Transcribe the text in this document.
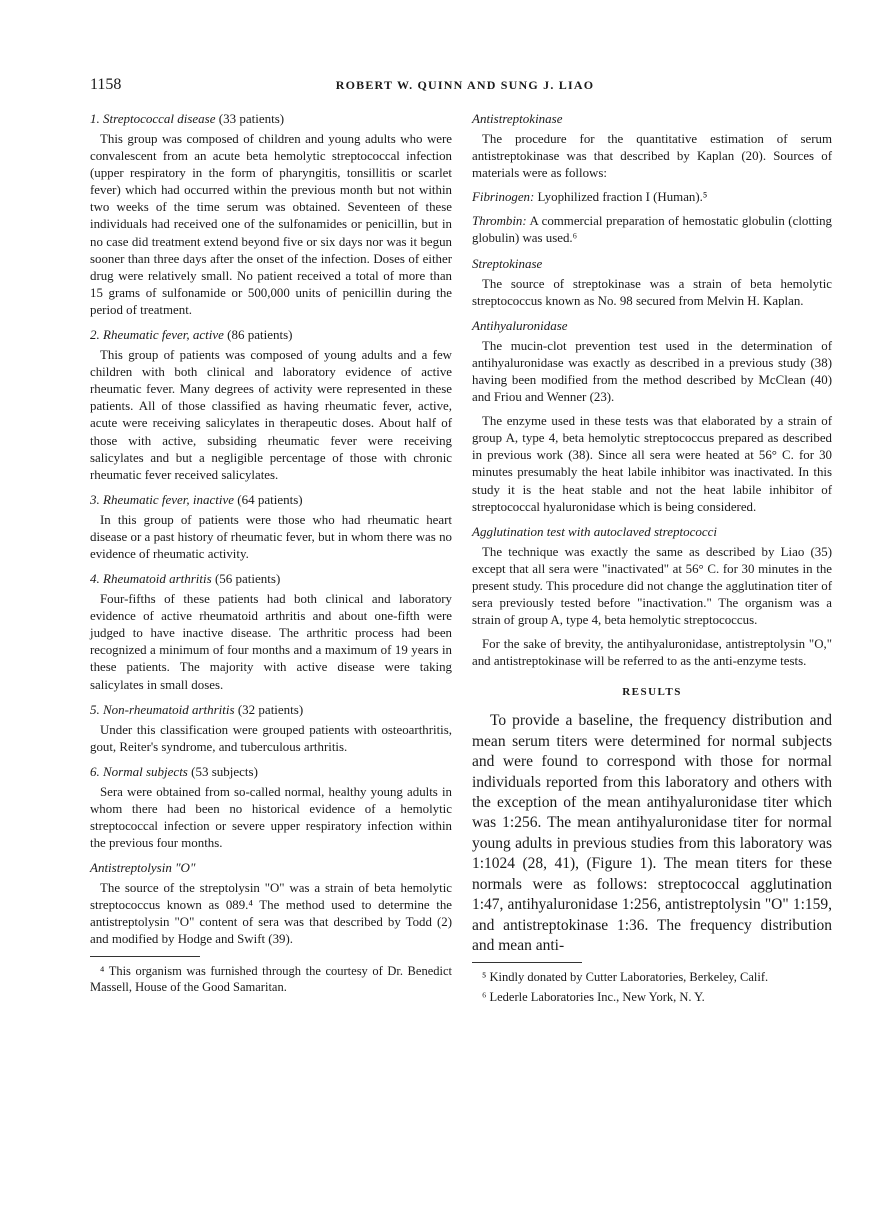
1158	ROBERT W. QUINN AND SUNG J. LIAO
1. Streptococcal disease (33 patients)

This group was composed of children and young adults who were convalescent from an acute beta hemolytic streptococcal infection (upper respiratory in the form of pharyngitis, tonsillitis or scarlet fever) which had occurred within the previous month but not within two weeks of the time serum was obtained. Seventeen of these individuals had received one of the sulfonamides or penicillin, but in no case did treatment extend beyond five or six days nor was it begun sooner than three days after the onset of the infection. Doses of either drug were relatively small. No patient received a total of more than 15 grams of sulfonamide or 500,000 units of penicillin during the period of treatment.

2. Rheumatic fever, active (86 patients)

This group of patients was composed of young adults and a few children with both clinical and laboratory evidence of active rheumatic fever. Many degrees of activity were represented in these patients. All of those classified as having rheumatic fever, active, acute were receiving salicylates in therapeutic doses. About half of those with active, subsiding rheumatic fever were receiving salicylates and but a negligible percentage of those with chronic rheumatic fever received salicylates.

3. Rheumatic fever, inactive (64 patients)

In this group of patients were those who had rheumatic heart disease or a past history of rheumatic fever, but in whom there was no evidence of rheumatic activity.

4. Rheumatoid arthritis (56 patients)

Four-fifths of these patients had both clinical and laboratory evidence of active rheumatoid arthritis and about one-fifth were judged to have inactive disease. The arthritic process had been recognized a minimum of four months and a maximum of 19 years in these patients. The majority with active disease were taking salicylates in small doses.

5. Non-rheumatoid arthritis (32 patients)

Under this classification were grouped patients with osteoarthritis, gout, Reiter's syndrome, and tuberculous arthritis.

6. Normal subjects (53 subjects)

Sera were obtained from so-called normal, healthy young adults in whom there had been no historical evidence of a hemolytic streptococcal infection or severe upper respiratory infection within the previous four months.

Antistreptolysin "O"

The source of the streptolysin "O" was a strain of beta hemolytic streptococcus known as 089.⁴ The method used to determine the antistreptolysin "O" content of sera was that described by Todd (2) and modified by Hodge and Swift (39).

⁴ This organism was furnished through the courtesy of Dr. Benedict Massell, House of the Good Samaritan.

Antistreptokinase

The procedure for the quantitative estimation of serum antistreptokinase was that described by Kaplan (20). Sources of materials were as follows:

Fibrinogen: Lyophilized fraction I (Human).⁵

Thrombin: A commercial preparation of hemostatic globulin (clotting globulin) was used.⁶

Streptokinase

The source of streptokinase was a strain of beta hemolytic streptococcus known as No. 98 secured from Melvin H. Kaplan.

Antihyaluronidase

The mucin-clot prevention test used in the determination of antihyaluronidase was exactly as described in a previous study (38) having been modified from the method described by McClean (40) and Friou and Wenner (23).

The enzyme used in these tests was that elaborated by a strain of group A, type 4, beta hemolytic streptococcus prepared as described in previous work (38). Since all sera were heated at 56° C. for 30 minutes presumably the heat labile inhibitor was inactivated. In this study it is the heat stable and not the heat labile inhibitor of streptococcal hyaluronidase which is being considered.

Agglutination test with autoclaved streptococci

The technique was exactly the same as described by Liao (35) except that all sera were "inactivated" at 56° C. for 30 minutes in the present study. This procedure did not change the agglutination titer of sera previously tested before "inactivation." The organism was a strain of group A, type 4, beta hemolytic streptococcus.

For the sake of brevity, the antihyaluronidase, antistreptolysin "O," and antistreptokinase will be referred to as the anti-enzyme tests.

RESULTS

To provide a baseline, the frequency distribution and mean serum titers were determined for normal subjects and were found to correspond with those for normal individuals reported from this laboratory and others with the exception of the mean antihyaluronidase titer which was 1:256. The mean antihyaluronidase titer for normal young adults in previous studies from this laboratory was 1:1024 (28, 41), (Figure 1). The mean titers for these normals were as follows: streptococcal agglutination 1:47, antihyaluronidase 1:256, antistreptolysin "O" 1:159, and antistreptokinase 1:36. The frequency distribution and mean anti-

⁵ Kindly donated by Cutter Laboratories, Berkeley, Calif.

⁶ Lederle Laboratories Inc., New York, N. Y.
